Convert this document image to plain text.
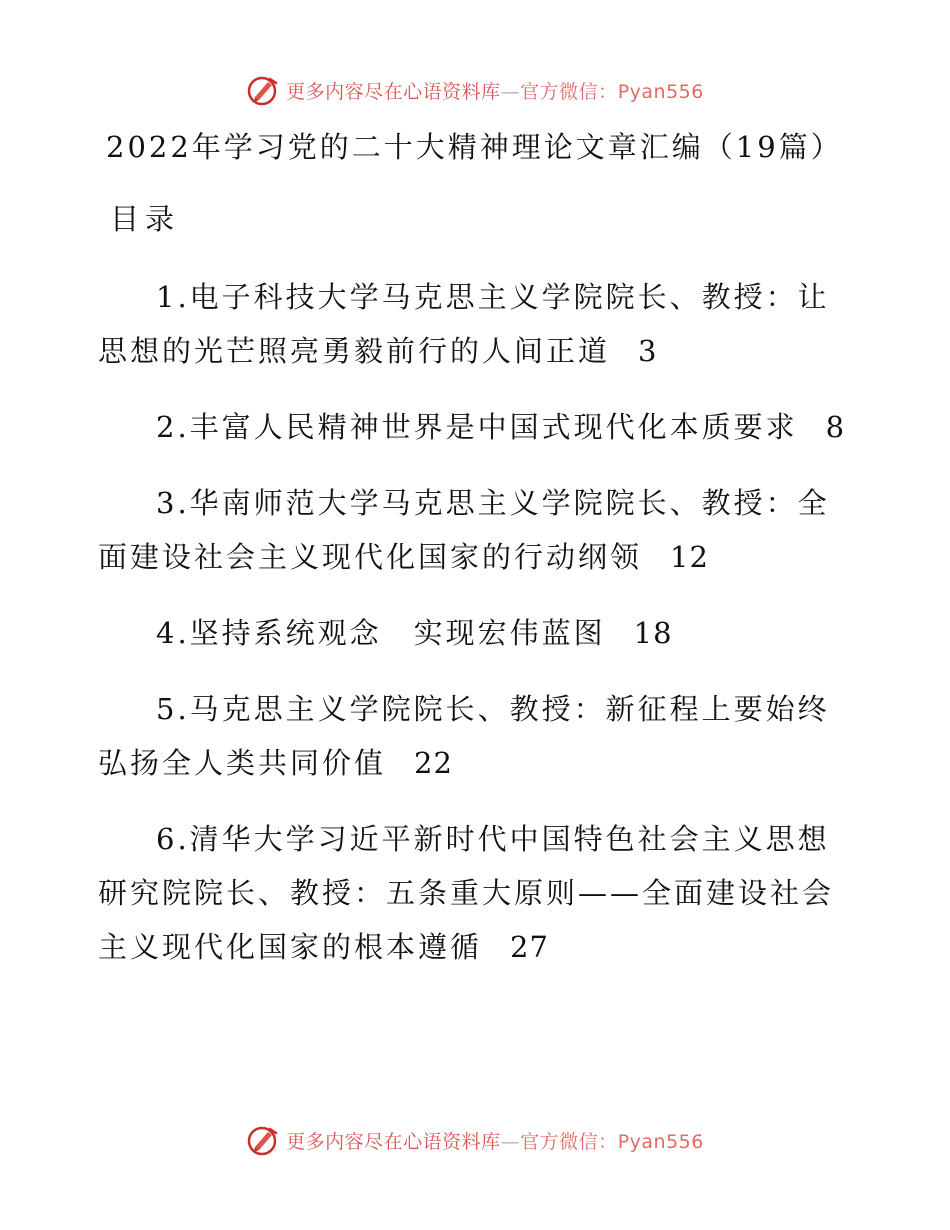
更多内容尽在心语资料库—官方微信：Pyan556
2022年学习党的二十大精神理论文章汇编（19篇）
目录
1.电子科技大学马克思主义学院院长、教授：让思想的光芒照亮勇毅前行的人间正道 3
2.丰富人民精神世界是中国式现代化本质要求 8
3.华南师范大学马克思主义学院院长、教授：全面建设社会主义现代化国家的行动纲领 12
4.坚持系统观念　实现宏伟蓝图 18
5.马克思主义学院院长、教授：新征程上要始终弘扬全人类共同价值 22
6.清华大学习近平新时代中国特色社会主义思想研究院院长、教授：五条重大原则——全面建设社会主义现代化国家的根本遵循 27
更多内容尽在心语资料库—官方微信：Pyan556
